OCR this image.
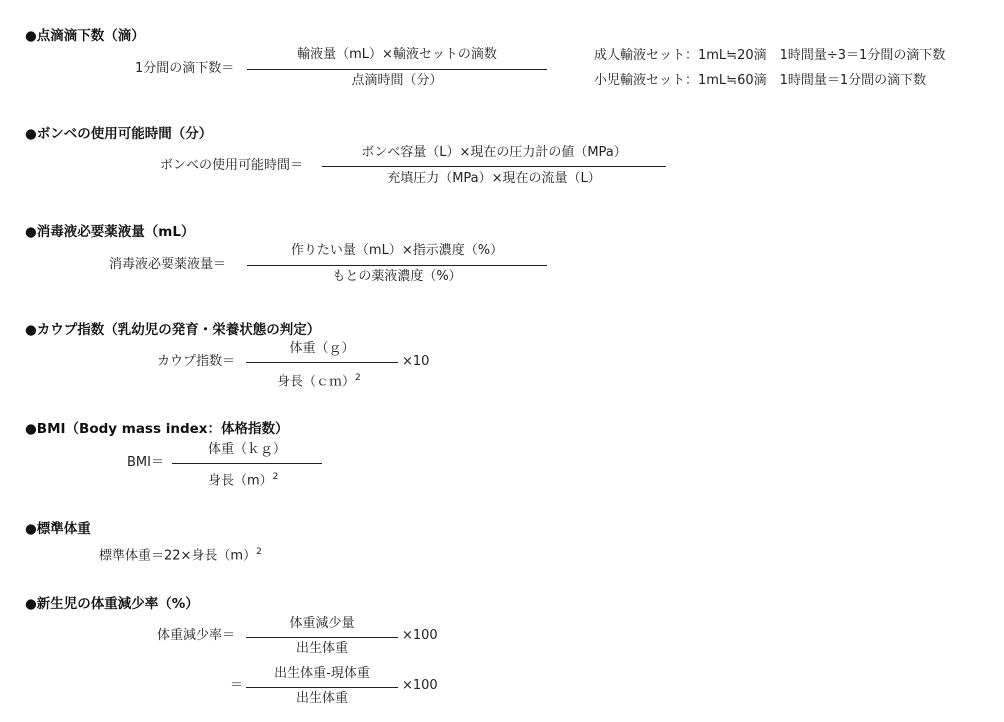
●点滴滴下数（滴）
1分間の滴下数＝
輸液量（mL）×輸液セットの滴数
点滴時間（分）
成人輸液セット：1mL≒20滴　1時間量÷3＝1分間の滴下数
小児輸液セット：1mL≒60滴　1時間量＝1分間の滴下数
●ボンベの使用可能時間（分）
ボンベの使用可能時間＝
ボンベ容量（L）×現在の圧力計の値（MPa）
充填圧力（MPa）×現在の流量（L）
●消毒液必要薬液量（mL）
消毒液必要薬液量＝
作りたい量（mL）×指示濃度（%）
もとの薬液濃度（%）
●カウプ指数（乳幼児の発育・栄養状態の判定）
カウプ指数＝
体重（ｇ）
身長（ｃｍ）$^2$
×10
●BMI（Body mass index：体格指数）
BMI＝
体重（ｋｇ）
身長$(m)^2$
●標準体重
標準体重＝22×身長$(m)^2$
●新生児の体重減少率（%）
体重減少率＝
体重減少量
出生体重
×100
＝
出生体重-現体重
出生体重
×100
